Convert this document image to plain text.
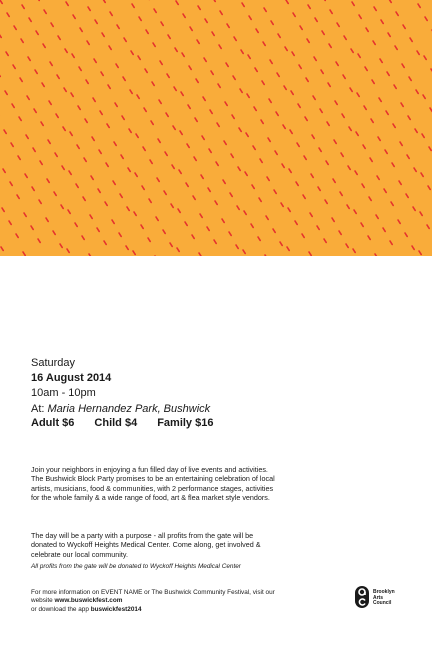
Saturday
16 August 2014
10am - 10pm
At: Maria Hernandez Park, Bushwick
Adult $6 Child $4 Family $16
Join your neighbors in enjoying a fun filled day of live events and activities. The Bushwick Block Party promises to be an entertaining celebration of local artists, musicians, food & communities, with 2 performance stages, activities for the whole family & a wide range of food, art & flea market style vendors.
The day will be a party with a purpose - all profits from the gate will be donated to Wyckoff Heights Medical Center. Come along, get involved & celebrate our local community.
All profits from the gate will be donated to Wyckoff Heights Medical Center
For more information on EVENT NAME or The Bushwick Community Festival, visit our website www.buswickfest.com
or download the app buswickfest2014
Brooklyn
Arts
Council
